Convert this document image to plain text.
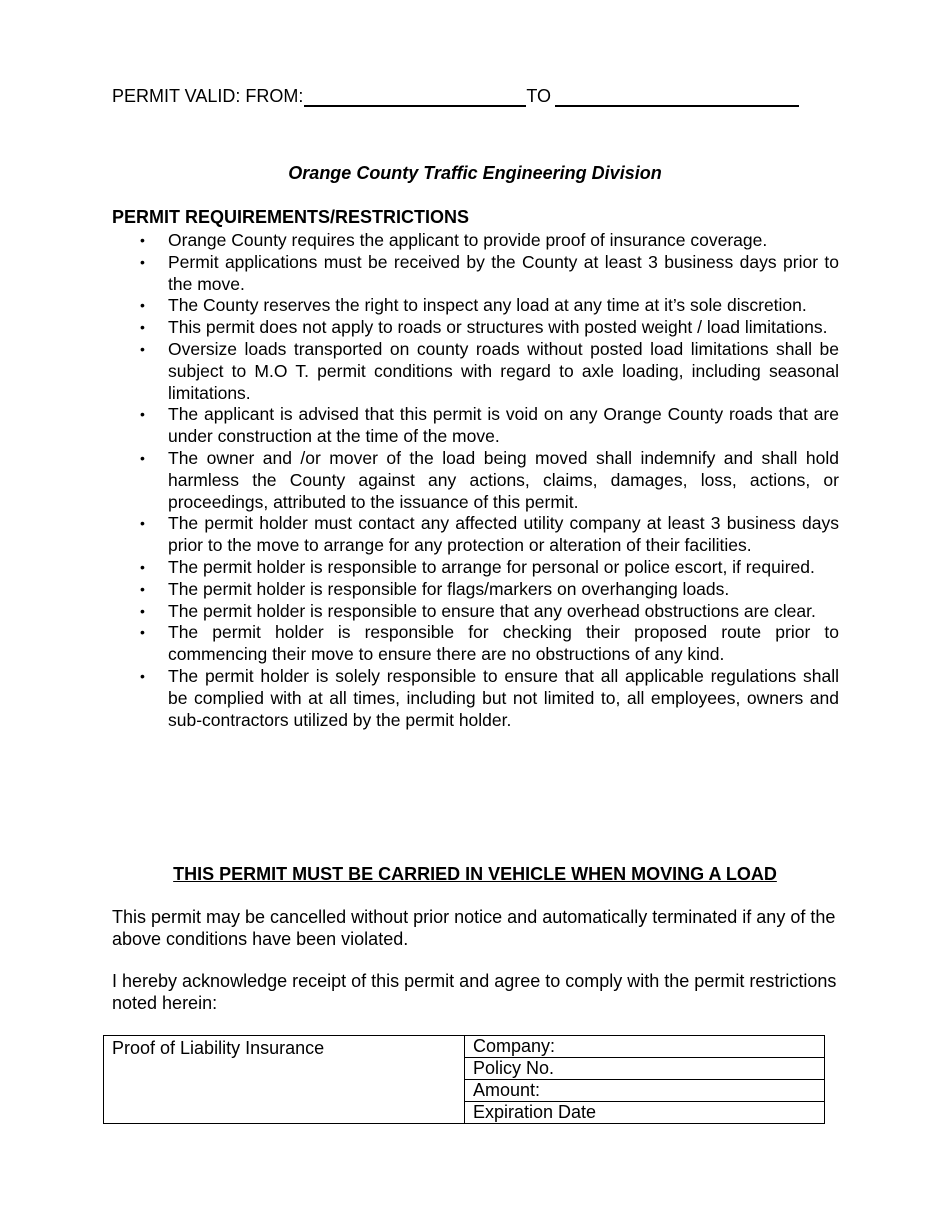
PERMIT VALID: FROM:	TO
Orange County Traffic Engineering Division
PERMIT REQUIREMENTS/RESTRICTIONS
• Orange County requires the applicant to provide proof of insurance coverage.
• Permit applications must be received by the County at least 3 business days prior to the move.
• The County reserves the right to inspect any load at any time at it’s sole discretion.
• This permit does not apply to roads or structures with posted weight / load limitations.
• Oversize loads transported on county roads without posted load limitations shall be subject to M.O T. permit conditions with regard to axle loading, including seasonal limitations.
• The applicant is advised that this permit is void on any Orange County roads that are under construction at the time of the move.
• The owner and /or mover of the load being moved shall indemnify and shall hold harmless the County against any actions, claims, damages, loss, actions, or proceedings, attributed to the issuance of this permit.
• The permit holder must contact any affected utility company at least 3 business days prior to the move to arrange for any protection or alteration of their facilities.
• The permit holder is responsible to arrange for personal or police escort, if required.
• The permit holder is responsible for flags/markers on overhanging loads.
• The permit holder is responsible to ensure that any overhead obstructions are clear.
• The permit holder is responsible for checking their proposed route prior to commencing their move to ensure there are no obstructions of any kind.
• The permit holder is solely responsible to ensure that all applicable regulations shall be complied with at all times, including but not limited to, all employees, owners and sub-contractors utilized by the permit holder.
THIS PERMIT MUST BE CARRIED IN VEHICLE WHEN MOVING A LOAD
This permit may be cancelled without prior notice and automatically terminated if any of the above conditions have been violated.
I hereby acknowledge receipt of this permit and agree to comply with the permit restrictions noted herein:
Proof of Liability Insurance	Company:
Policy No.
Amount:
Expiration Date
